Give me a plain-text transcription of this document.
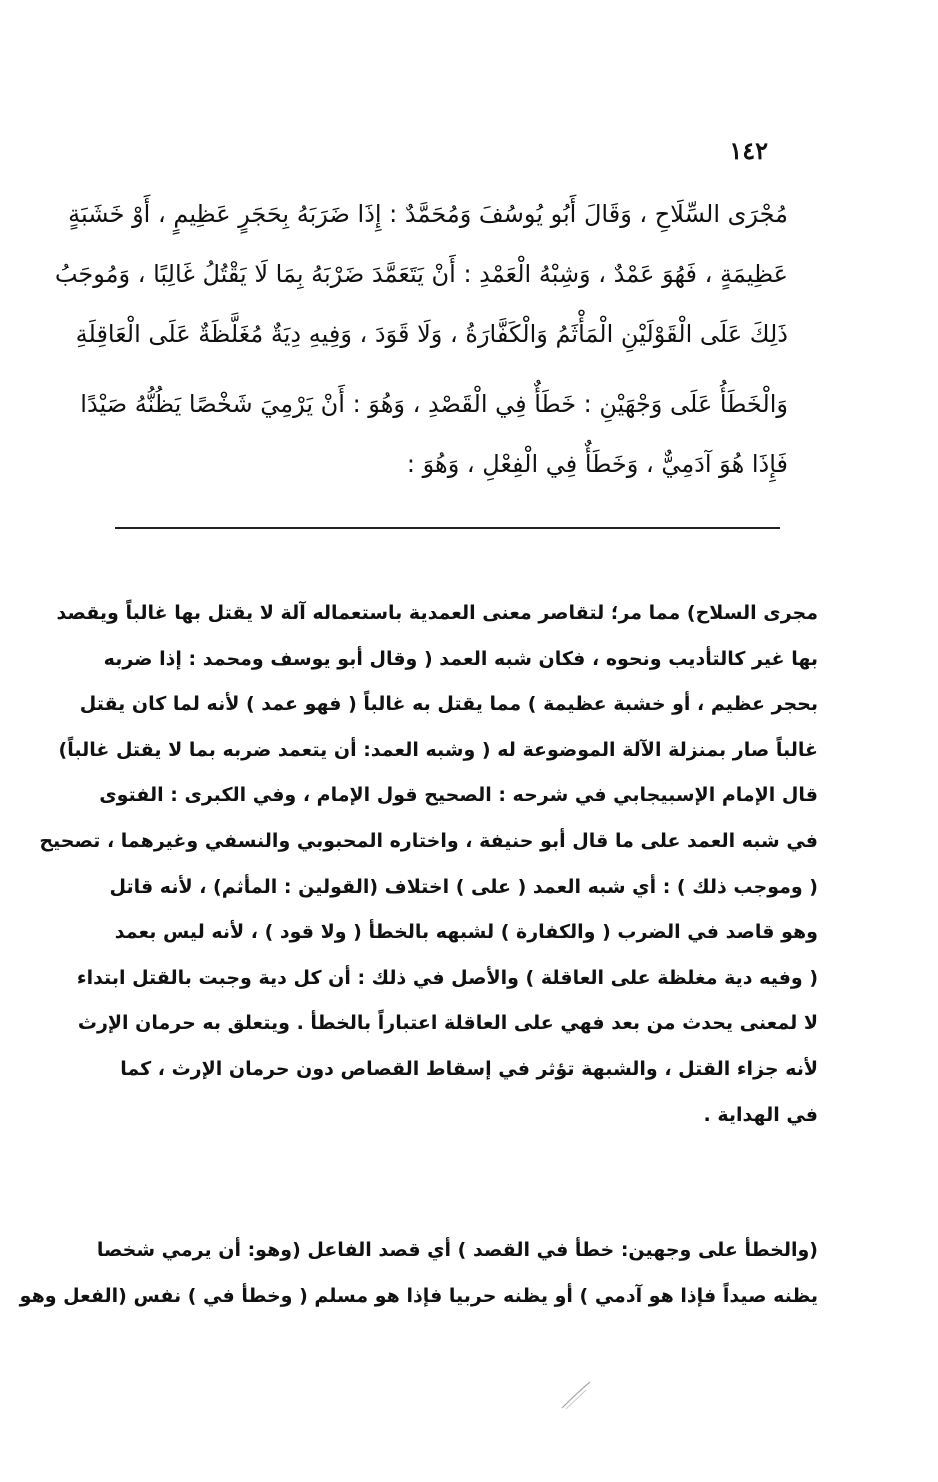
١٤٢
مُجْرَى السِّلَاحِ ، وَقَالَ أَبُو يُوسُفَ وَمُحَمَّدٌ : إِذَا ضَرَبَهُ بِحَجَرٍ عَظِيمٍ ، أَوْ خَشَبَةٍ
عَظِيمَةٍ ، فَهُوَ عَمْدٌ ، وَشِبْهُ الْعَمْدِ : أَنْ يَتَعَمَّدَ ضَرْبَهُ بِمَا لَا يَقْتُلُ غَالِبًا ، وَمُوجَبُ
ذَلِكَ عَلَى الْقَوْلَيْنِ الْمَأْثَمُ وَالْكَفَّارَةُ ، وَلَا قَوَدَ ، وَفِيهِ دِيَةٌ مُغَلَّظَةٌ عَلَى الْعَاقِلَةِ
وَالْخَطَأُ عَلَى وَجْهَيْنِ : خَطَأٌ فِي الْقَصْدِ ، وَهُوَ : أَنْ يَرْمِيَ شَخْصًا يَظُنُّهُ صَيْدًا
فَإِذَا هُوَ آدَمِيٌّ ، وَخَطَأٌ فِي الْفِعْلِ ، وَهُوَ :
مجرى السلاح) مما مر؛ لتقاصر معنى العمدية باستعماله آلة لا يقتل بها غالباً ويقصد
بها غير كالتأديب ونحوه ، فكان شبه العمد ( وقال أبو يوسف ومحمد : إذا ضربه
بحجر عظيم ، أو خشبة عظيمة ) مما يقتل به غالباً ( فهو عمد ) لأنه لما كان يقتل
غالباً صار بمنزلة الآلة الموضوعة له ( وشبه العمد: أن يتعمد ضربه بما لا يقتل غالباً)
قال الإمام الإسبيجابي في شرحه : الصحيح قول الإمام ، وفي الكبرى : الفتوى
في شبه العمد على ما قال أبو حنيفة ، واختاره المحبوبي والنسفي وغيرهما ، تصحيح
( وموجب ذلك ) : أي شبه العمد ( على ) اختلاف (القولين : المأثم) ، لأنه قاتل
وهو قاصد في الضرب ( والكفارة ) لشبهه بالخطأ ( ولا قود ) ، لأنه ليس بعمد
( وفيه دية مغلظة على العاقلة ) والأصل في ذلك : أن كل دية وجبت بالقتل ابتداء
لا لمعنى يحدث من بعد فهي على العاقلة اعتباراً بالخطأ . ويتعلق به حرمان الإرث
لأنه جزاء القتل ، والشبهة تؤثر في إسقاط القصاص دون حرمان الإرث ، كما
في الهداية .
(والخطأ على وجهين: خطأ في القصد ) أي قصد الفاعل (وهو: أن يرمي شخصا
يظنه صيداً فإذا هو آدمي ) أو يظنه حربيا فإذا هو مسلم ( وخطأ في ) نفس (الفعل وهو
